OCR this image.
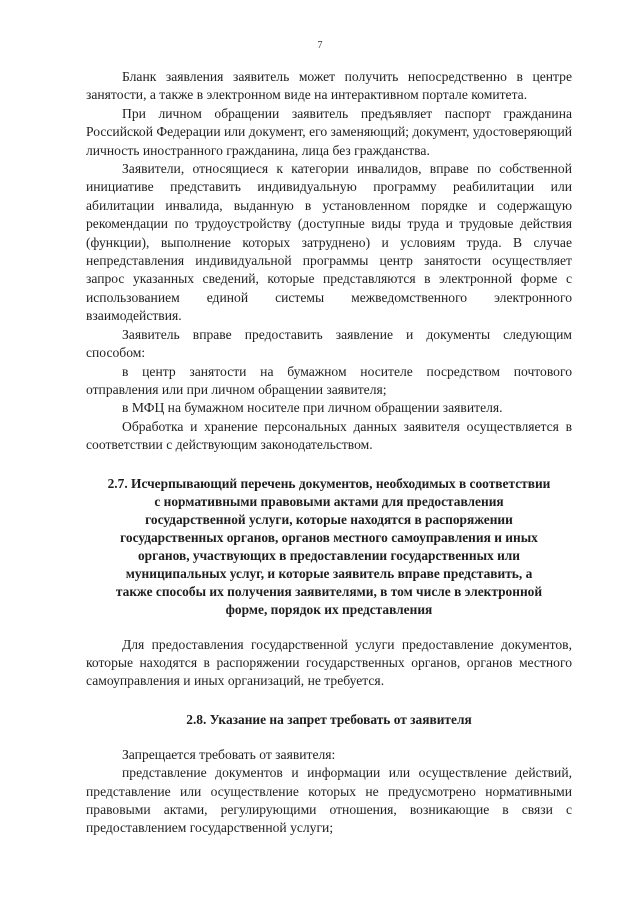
7

Бланк заявления заявитель может получить непосредственно в центре занятости, а также в электронном виде на интерактивном портале комитета.

При личном обращении заявитель предъявляет паспорт гражданина Российской Федерации или документ, его заменяющий; документ, удостоверяющий личность иностранного гражданина, лица без гражданства.

Заявители, относящиеся к категории инвалидов, вправе по собственной инициативе представить индивидуальную программу реабилитации или абилитации инвалида, выданную в установленном порядке и содержащую рекомендации по трудоустройству (доступные виды труда и трудовые действия (функции), выполнение которых затруднено) и условиям труда. В случае непредставления индивидуальной программы центр занятости осуществляет запрос указанных сведений, которые представляются в электронной форме с использованием единой системы межведомственного электронного взаимодействия.

Заявитель вправе предоставить заявление и документы следующим способом:

в центр занятости на бумажном носителе посредством почтового отправления или при личном обращении заявителя;

в МФЦ на бумажном носителе при личном обращении заявителя.

Обработка и хранение персональных данных заявителя осуществляется в соответствии с действующим законодательством.

2.7. Исчерпывающий перечень документов, необходимых в соответствии с нормативными правовыми актами для предоставления государственной услуги, которые находятся в распоряжении государственных органов, органов местного самоуправления и иных органов, участвующих в предоставлении государственных или муниципальных услуг, и которые заявитель вправе представить, а также способы их получения заявителями, в том числе в электронной форме, порядок их представления

Для предоставления государственной услуги предоставление документов, которые находятся в распоряжении государственных органов, органов местного самоуправления и иных организаций, не требуется.

2.8. Указание на запрет требовать от заявителя

Запрещается требовать от заявителя:

представление документов и информации или осуществление действий, представление или осуществление которых не предусмотрено нормативными правовыми актами, регулирующими отношения, возникающие в связи с предоставлением государственной услуги;
